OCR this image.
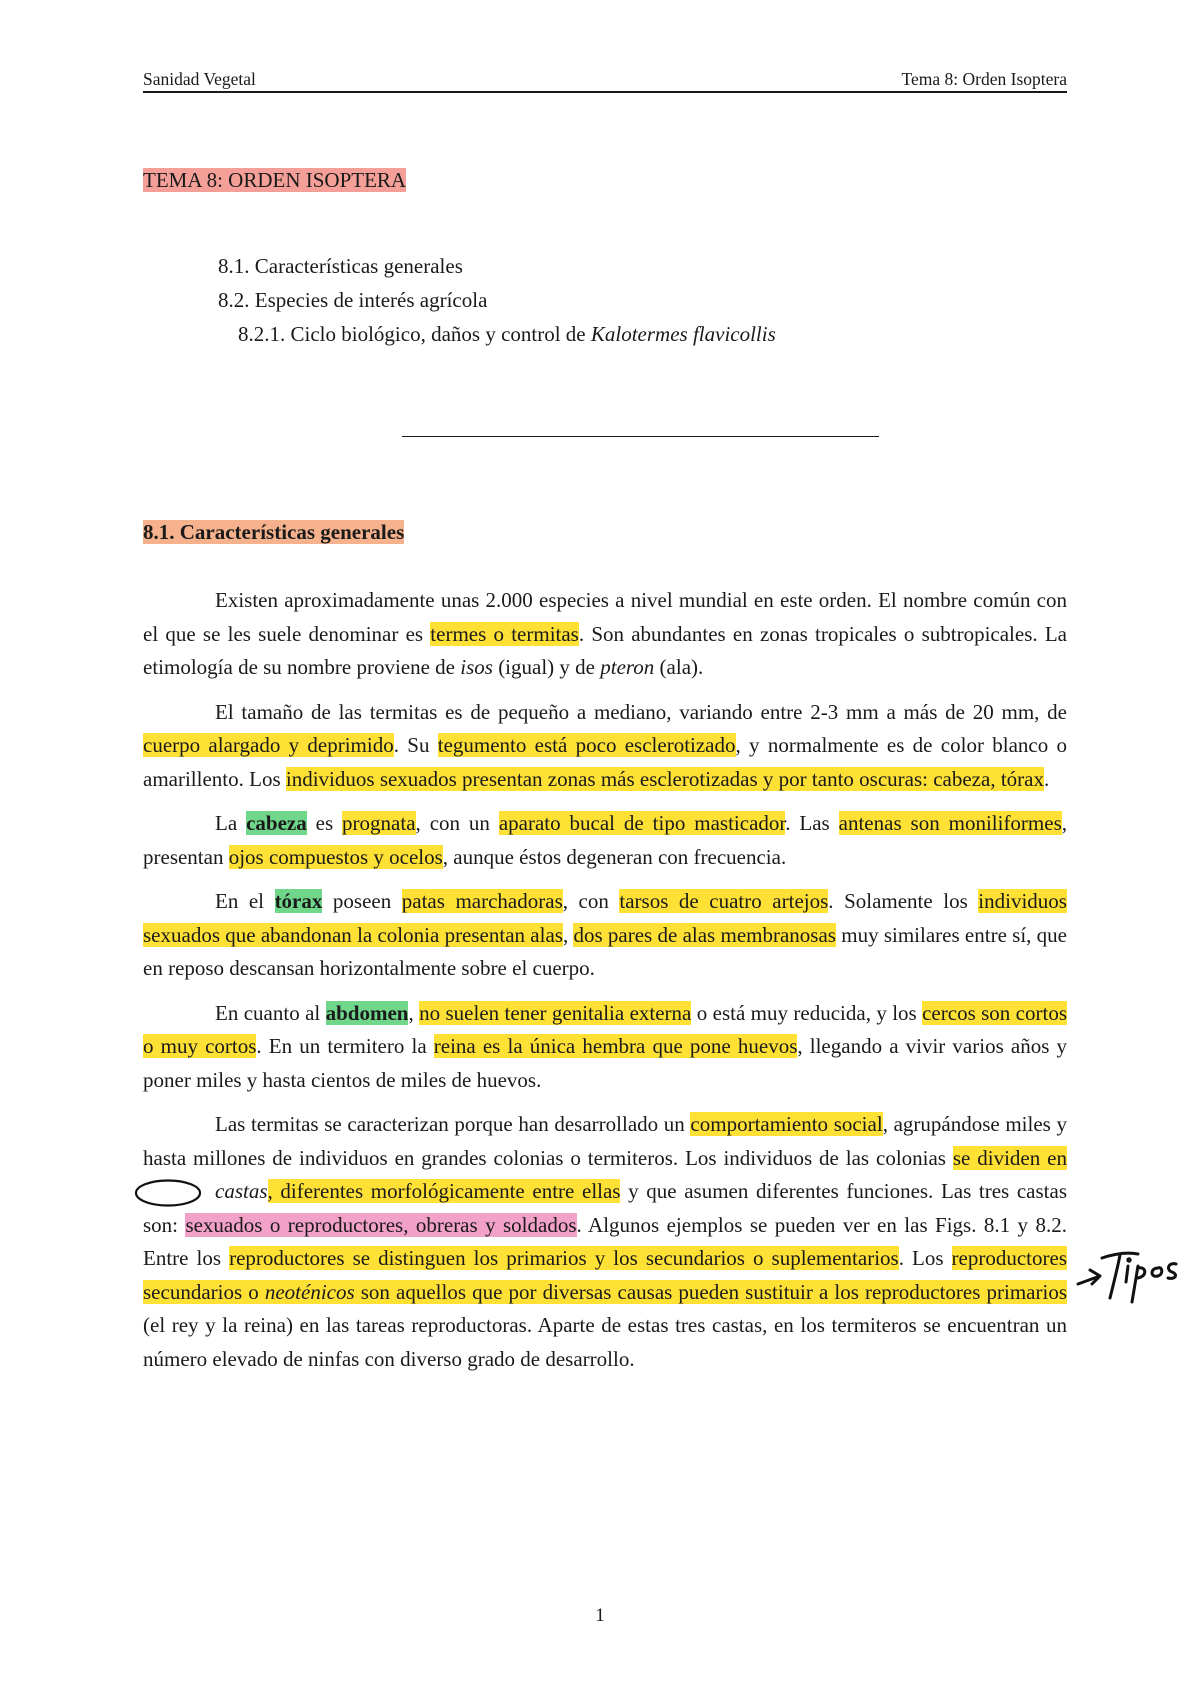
Sanidad Vegetal	Tema 8: Orden Isoptera
TEMA 8: ORDEN ISOPTERA
8.1. Características generales
8.2. Especies de interés agrícola
8.2.1. Ciclo biológico, daños y control de Kalotermes flavicollis
8.1. Características generales

Existen aproximadamente unas 2.000 especies a nivel mundial en este orden. El nombre común con el que se les suele denominar es termes o termitas. Son abundantes en zonas tropicales o subtropicales. La etimología de su nombre proviene de isos (igual) y de pteron (ala).

El tamaño de las termitas es de pequeño a mediano, variando entre 2-3 mm a más de 20 mm, de cuerpo alargado y deprimido. Su tegumento está poco esclerotizado, y normalmente es de color blanco o amarillento. Los individuos sexuados presentan zonas más esclerotizadas y por tanto oscuras: cabeza, tórax.

La cabeza es prognata, con un aparato bucal de tipo masticador. Las antenas son moniliformes, presentan ojos compuestos y ocelos, aunque éstos degeneran con frecuencia.

En el tórax poseen patas marchadoras, con tarsos de cuatro artejos. Solamente los individuos sexuados que abandonan la colonia presentan alas, dos pares de alas membranosas muy similares entre sí, que en reposo descansan horizontalmente sobre el cuerpo.

En cuanto al abdomen, no suelen tener genitalia externa o está muy reducida, y los cercos son cortos o muy cortos. En un termitero la reina es la única hembra que pone huevos, llegando a vivir varios años y poner miles y hasta cientos de miles de huevos.

Las termitas se caracterizan porque han desarrollado un comportamiento social, agrupándose miles y hasta millones de individuos en grandes colonias o termiteros. Los individuos de las colonias se dividen en castas
, diferentes morfológicamente entre ellas y que asumen diferentes funciones. Las tres castas son: sexuados o reproductores, obreras y soldados. Algunos ejemplos se pueden ver en las Figs. 8.1 y 8.2. Entre los reproductores se distinguen los primarios y los secundarios o suplementarios. Los reproductores secundarios o neoténicos son aquellos que por diversas causas pueden sustituir a los reproductores primarios (el rey y la reina) en las tareas reproductoras. Aparte de estas tres castas, en los termiteros se encuentran un número elevado de ninfas con diverso grado de desarrollo.

1
